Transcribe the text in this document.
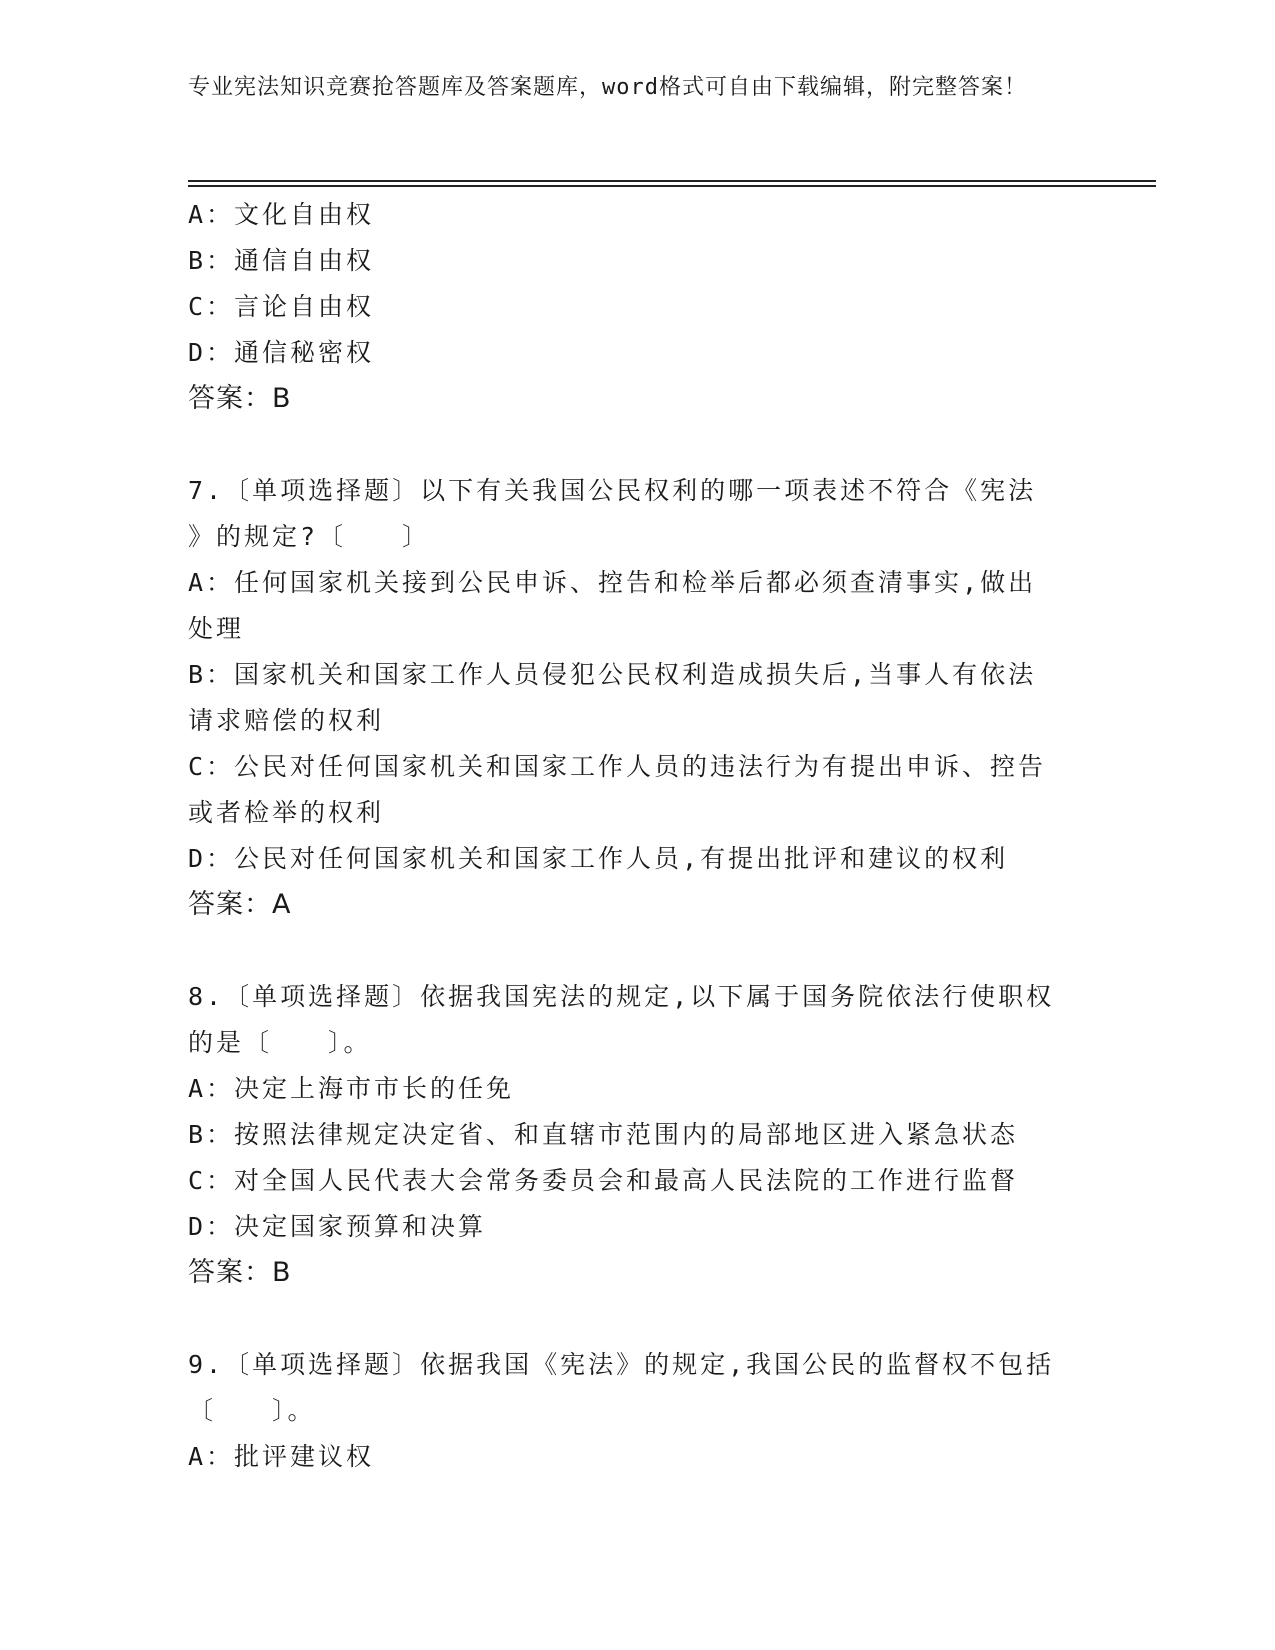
专业宪法知识竞赛抢答题库及答案题库，word格式可自由下载编辑，附完整答案！
A：文化自由权
B：通信自由权
C：言论自由权
D：通信秘密权
答案：B
7.〔单项选择题〕以下有关我国公民权利的哪一项表述不符合《宪法
》的规定?〔　　〕
A：任何国家机关接到公民申诉、控告和检举后都必须查清事实,做出
处理
B：国家机关和国家工作人员侵犯公民权利造成损失后,当事人有依法
请求赔偿的权利
C：公民对任何国家机关和国家工作人员的违法行为有提出申诉、控告
或者检举的权利
D：公民对任何国家机关和国家工作人员,有提出批评和建议的权利
答案：A
8.〔单项选择题〕依据我国宪法的规定,以下属于国务院依法行使职权
的是〔　　〕。
A：决定上海市市长的任免
B：按照法律规定决定省、和直辖市范围内的局部地区进入紧急状态
C：对全国人民代表大会常务委员会和最高人民法院的工作进行监督
D：决定国家预算和决算
答案：B
9.〔单项选择题〕依据我国《宪法》的规定,我国公民的监督权不包括
〔　　〕。
A：批评建议权
